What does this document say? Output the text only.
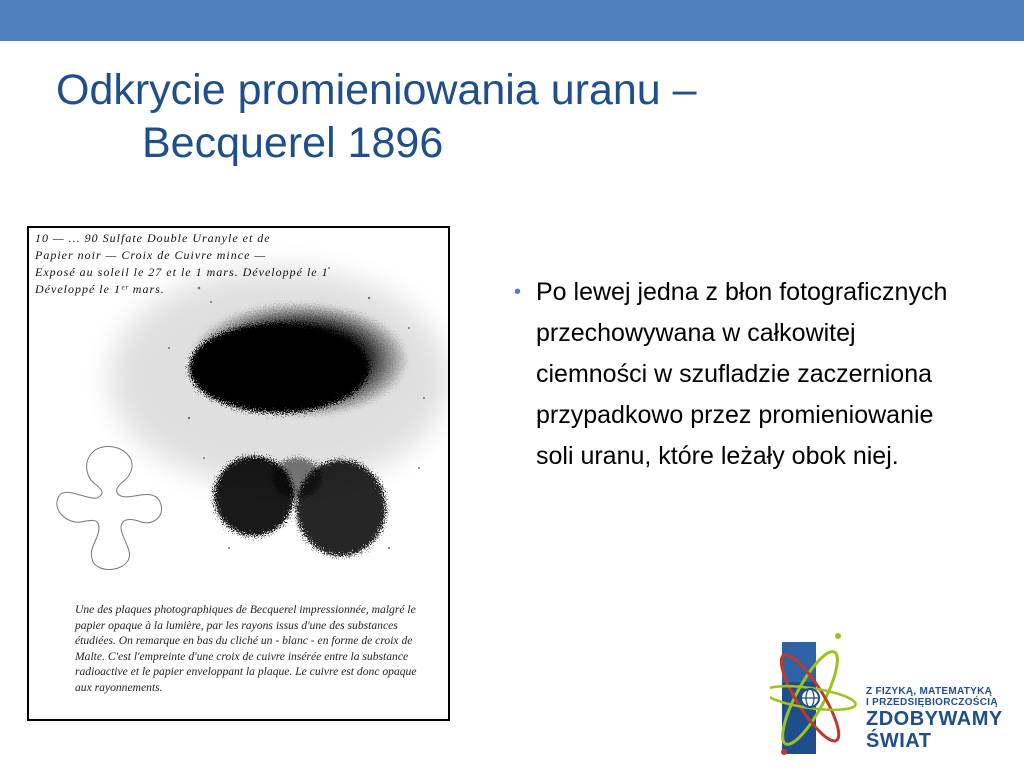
Odkrycie promieniowania uranu –
Becquerel 1896
10 — ... 90 Sulfate Double Uranyle et de
Papier noir — Croix de Cuivre mince —
Exposé au soleil le 27 et le 1 mars. Développé le 1
Développé le 1ᵉʳ mars.
Une des plaques photographiques de Becquerel impressionnée, malgré le papier opaque à la lumière, par les rayons issus d'une des substances étudiées. On remarque en bas du cliché un - blanc - en forme de croix de Malte. C'est l'empreinte d'une croix de cuivre insérée entre la substance radioactive et le papier enveloppant la plaque. Le cuivre est donc opaque aux rayonnements.
• Po lewej jedna z błon fotograficznych przechowywana w całkowitej ciemności w szufladzie zaczerniona przypadkowo przez promieniowanie soli uranu, które leżały obok niej.
Z FIZYKĄ, MATEMATYKĄ
I PRZEDSIĘBIORCZOŚCIĄ
ZDOBYWAMY
ŚWIAT
